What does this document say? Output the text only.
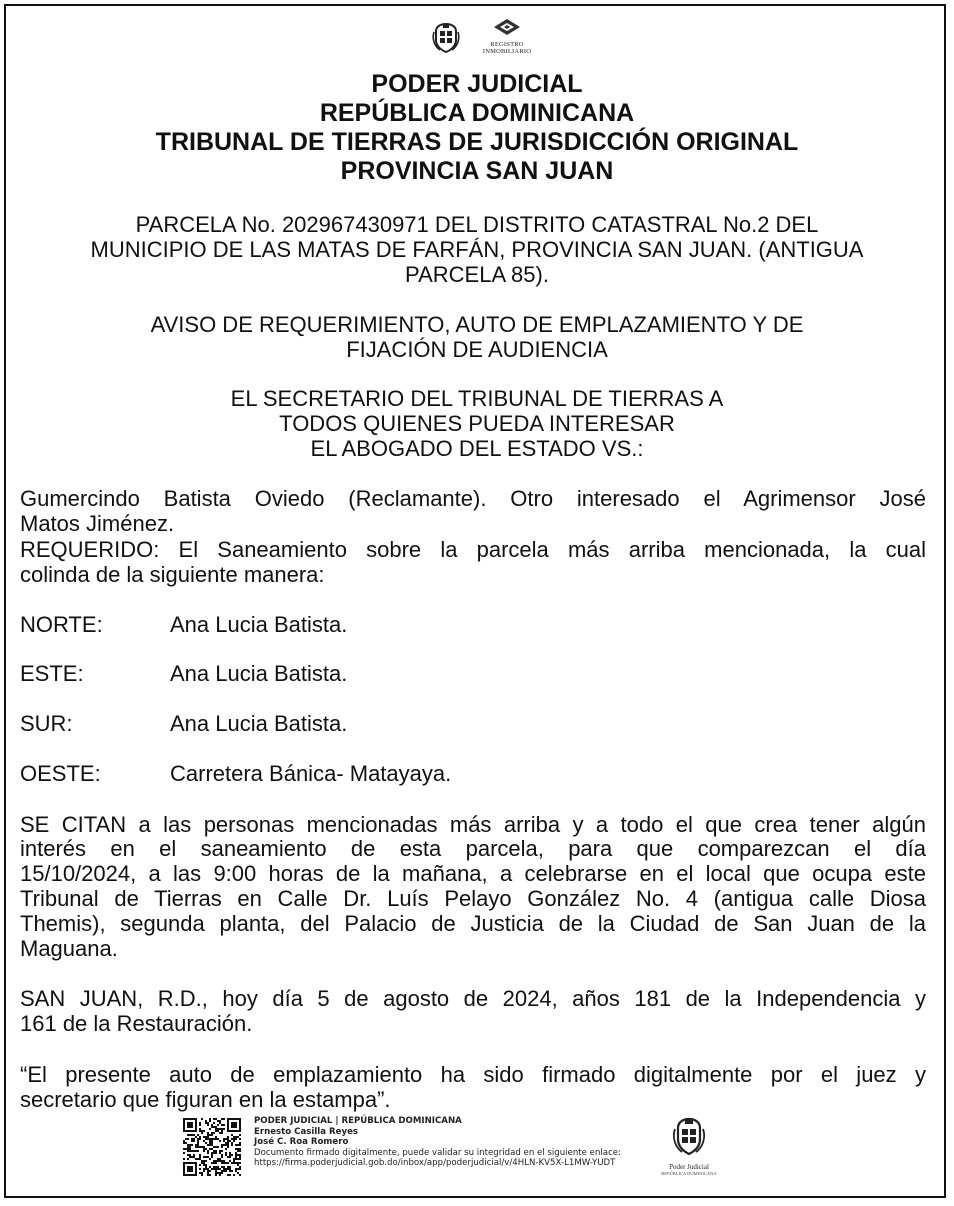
REGISTRO INMOBILIARIO
PODER JUDICIAL
REPÚBLICA DOMINICANA
TRIBUNAL DE TIERRAS DE JURISDICCIÓN ORIGINAL
PROVINCIA SAN JUAN
PARCELA No. 202967430971 DEL DISTRITO CATASTRAL No.2 DEL
MUNICIPIO DE LAS MATAS DE FARFÁN, PROVINCIA SAN JUAN. (ANTIGUA
PARCELA 85).
AVISO DE REQUERIMIENTO, AUTO DE EMPLAZAMIENTO Y DE
FIJACIÓN DE AUDIENCIA
EL SECRETARIO DEL TRIBUNAL DE TIERRAS A
TODOS QUIENES PUEDA INTERESAR
EL ABOGADO DEL ESTADO VS.:
Gumercindo Batista Oviedo (Reclamante). Otro interesado el Agrimensor José
Matos Jiménez.
REQUERIDO: El Saneamiento sobre la parcela más arriba mencionada, la cual
colinda de la siguiente manera:
NORTE:	Ana Lucia Batista.
ESTE:	Ana Lucia Batista.
SUR:	Ana Lucia Batista.
OESTE:	Carretera Bánica- Matayaya.
SE CITAN a las personas mencionadas más arriba y a todo el que crea tener algún
interés en el saneamiento de esta parcela, para que comparezcan el día
15/10/2024, a las 9:00 horas de la mañana, a celebrarse en el local que ocupa este
Tribunal de Tierras en Calle Dr. Luís Pelayo González No. 4 (antigua calle Diosa
Themis), segunda planta, del Palacio de Justicia de la Ciudad de San Juan de la
Maguana.
SAN JUAN, R.D., hoy día 5 de agosto de 2024, años 181 de la Independencia y
161 de la Restauración.
“El presente auto de emplazamiento ha sido firmado digitalmente por el juez y
secretario que figuran en la estampa”.
PODER JUDICIAL | REPÚBLICA DOMINICANA
Ernesto Casilla Reyes
José C. Roa Romero
Documento firmado digitalmente, puede validar su integridad en el siguiente enlace:
https://firma.poderjudicial.gob.do/inbox/app/poderjudicial/v/4HLN-KV5X-L1MW-YUDT	Poder Judicial
REPÚBLICA DOMINICANA
